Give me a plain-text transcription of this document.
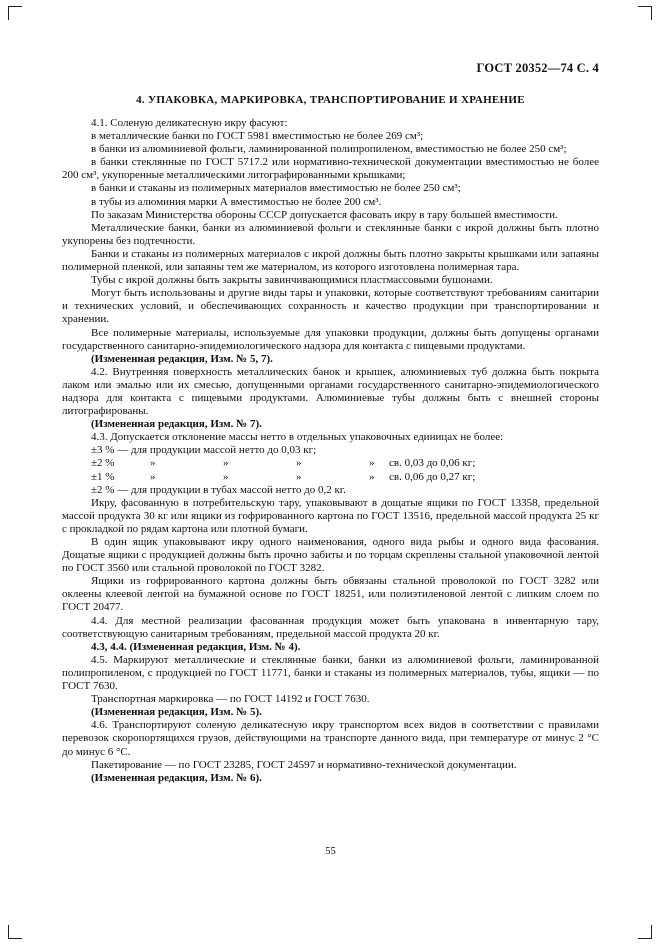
ГОСТ 20352—74 С. 4
4. УПАКОВКА, МАРКИРОВКА, ТРАНСПОРТИРОВАНИЕ И ХРАНЕНИЕ

4.1. Соленую деликатесную икру фасуют:

в металлические банки по ГОСТ 5981 вместимостью не более 269 см³;

в банки из алюминиевой фольги, ламинированной полипропиленом, вместимостью не более 250 см³;

в банки стеклянные по ГОСТ 5717.2 или нормативно-технической документации вместимостью не более 200 см³, укупоренные металлическими литографированными крышками;

в банки и стаканы из полимерных материалов вместимостью не более 250 см³;

в тубы из алюминия марки А вместимостью не более 200 см³.

По заказам Министерства обороны СССР допускается фасовать икру в тару большей вместимости.

Металлические банки, банки из алюминиевой фольги и стеклянные банки с икрой должны быть плотно укупорены без подтечности.

Банки и стаканы из полимерных материалов с икрой должны быть плотно закрыты крышками или запаяны полимерной пленкой, или запаяны тем же материалом, из которого изготовлена полимерная тара.

Тубы с икрой должны быть закрыты завинчивающимися пластмассовыми бушонами.

Могут быть использованы и другие виды тары и упаковки, которые соответствуют требованиям санитарии и технических условий, и обеспечивающих сохранность и качество продукции при транспортировании и хранении.

Все полимерные материалы, используемые для упаковки продукции, должны быть допущены органами государственного санитарно-эпидемиологического надзора для контакта с пищевыми продуктами.

(Измененная редакция, Изм. № 5, 7).

4.2. Внутренняя поверхность металлических банок и крышек, алюминиевых туб должна быть покрыта лаком или эмалью или их смесью, допущенными органами государственного санитарно-эпидемиологического надзора для контакта с пищевыми продуктами. Алюминиевые тубы должны быть с внешней стороны литографированы.

(Измененная редакция, Изм. № 7).

4.3. Допускается отклонение массы нетто в отдельных упаковочных единицах не более:

±3 % — для продукции массой нетто до 0,03 кг;

±2 %	»	»	»	»	св. 0,03 до 0,06 кг;
±1 %	»	»	»	»	св. 0,06 до 0,27 кг;

±2 % — для продукции в тубах массой нетто до 0,2 кг.

Икру, фасованную в потребительскую тару, упаковывают в дощатые ящики по ГОСТ 13358, предельной массой продукта 30 кг или ящики из гофрированного картона по ГОСТ 13516, предельной массой продукта 25 кг с прокладкой по рядам картона или плотной бумаги.

В один ящик упаковывают икру одного наименования, одного вида рыбы и одного вида фасования. Дощатые ящики с продукцией должны быть прочно забиты и по торцам скреплены стальной упаковочной лентой по ГОСТ 3560 или стальной проволокой по ГОСТ 3282.

Ящики из гофрированного картона должны быть обвязаны стальной проволокой по ГОСТ 3282 или оклеены клеевой лентой на бумажной основе по ГОСТ 18251, или полиэтиленовой лентой с липким слоем по ГОСТ 20477.

4.4. Для местной реализации фасованная продукция может быть упакована в инвентарную тару, соответствующую санитарным требованиям, предельной массой продукта 20 кг.

4.3, 4.4. (Измененная редакция, Изм. № 4).

4.5. Маркируют металлические и стеклянные банки, банки из алюминиевой фольги, ламинированной полипропиленом, с продукцией по ГОСТ 11771, банки и стаканы из полимерных материалов, тубы, ящики — по ГОСТ 7630.

Транспортная маркировка — по ГОСТ 14192 и ГОСТ 7630.

(Измененная редакция, Изм. № 5).

4.6. Транспортируют соленую деликатесную икру транспортом всех видов в соответствии с правилами перевозок скоропортящихся грузов, действующими на транспорте данного вида, при температуре от минус 2 °С до минус 6 °С.

Пакетирование — по ГОСТ 23285, ГОСТ 24597 и нормативно-технической документации.

(Измененная редакция, Изм. № 6).

55
